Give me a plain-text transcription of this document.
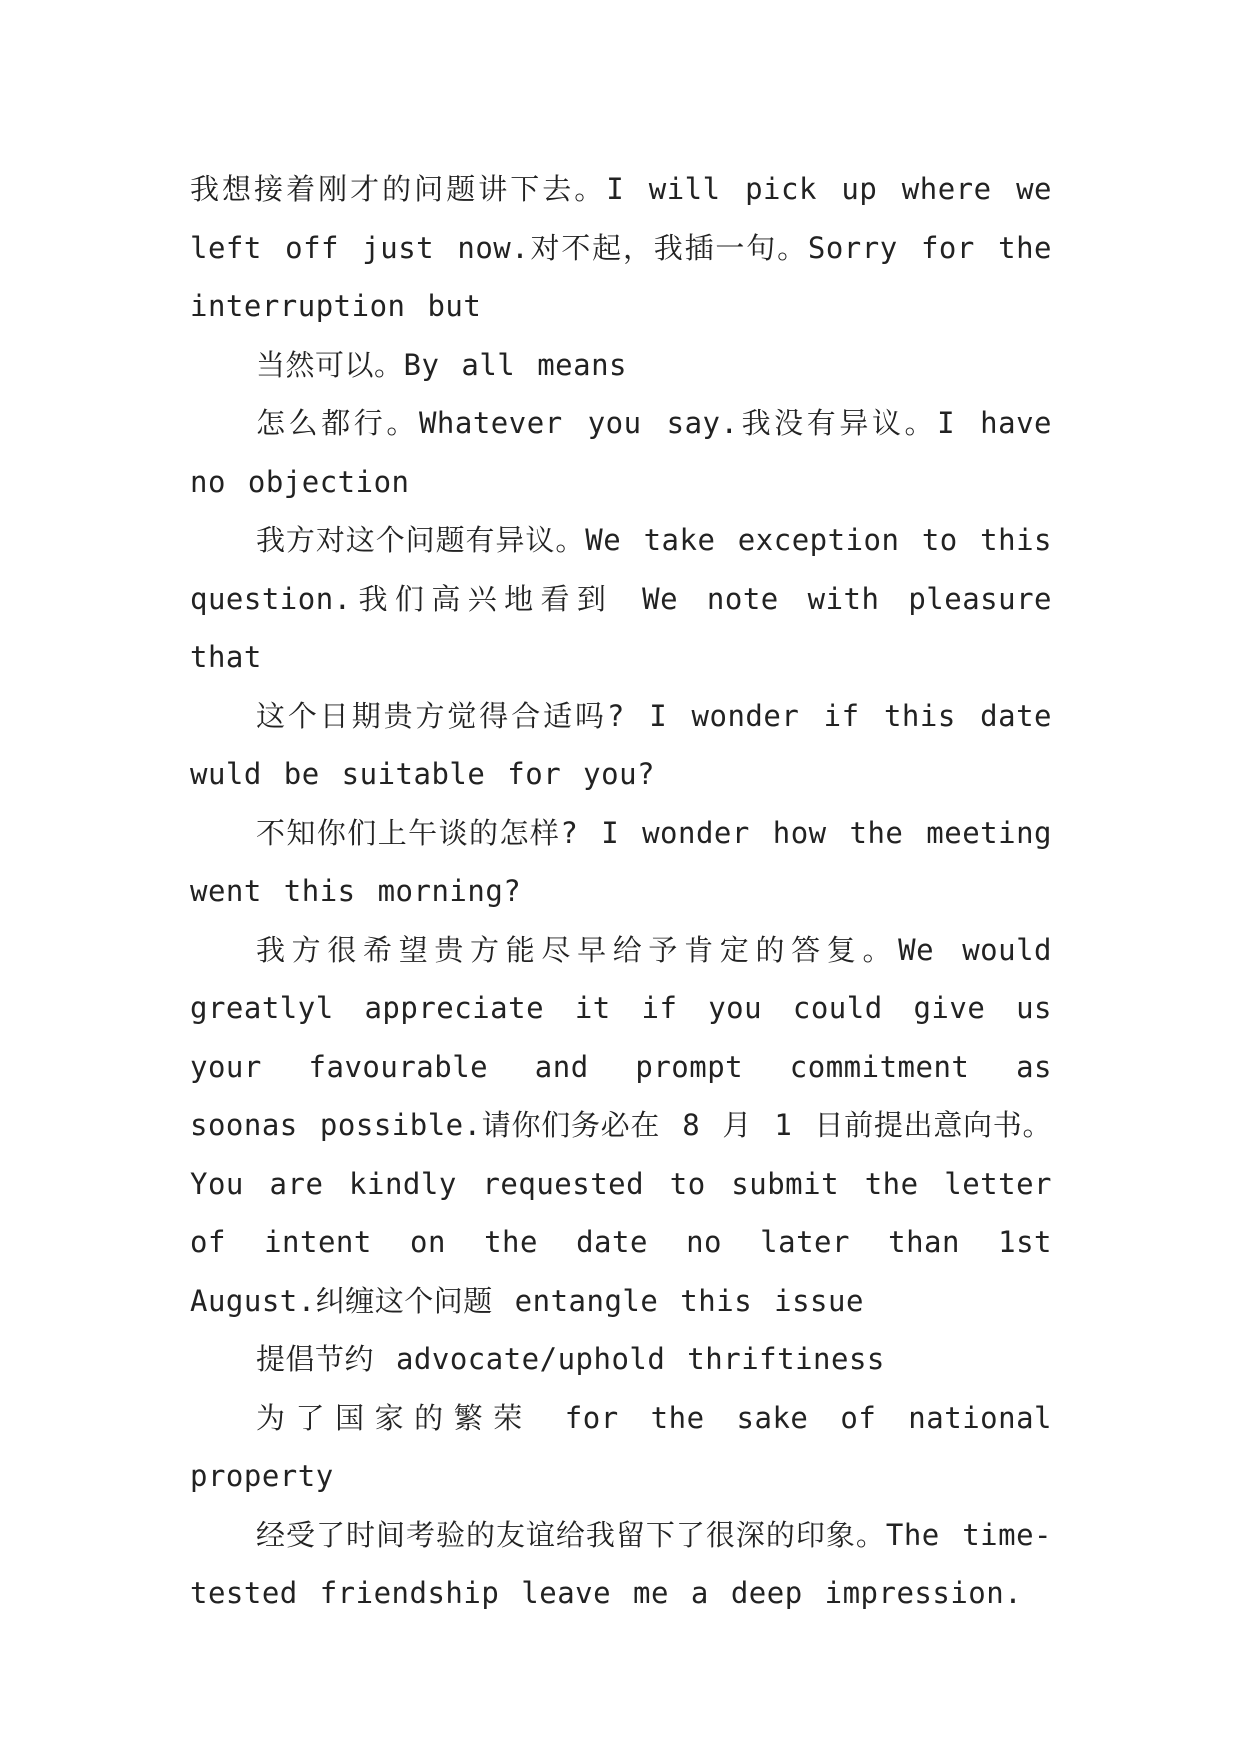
我想接着刚才的问题讲下去。I will pick up where we left off just now.对不起，我插一句。Sorry for the interruption but

当然可以。By all means

怎么都行。Whatever you say.我没有异议。I have no objection

我方对这个问题有异议。We take exception to this question.我们高兴地看到 We note with pleasure that

这个日期贵方觉得合适吗? I wonder if this date wuld be suitable for you?

不知你们上午谈的怎样? I wonder how the meeting went this morning?

我方很希望贵方能尽早给予肯定的答复。We would greatlyl appreciate it if you could give us your favourable and prompt commitment as soonas possible.请你们务必在 8 月 1 日前提出意向书。You are kindly requested to submit the letter of intent on the date no later than 1st August.纠缠这个问题 entangle this issue

提倡节约 advocate/uphold thriftiness

为了国家的繁荣 for the sake of national property

经受了时间考验的友谊给我留下了很深的印象。The time-tested friendship leave me a deep impression.
